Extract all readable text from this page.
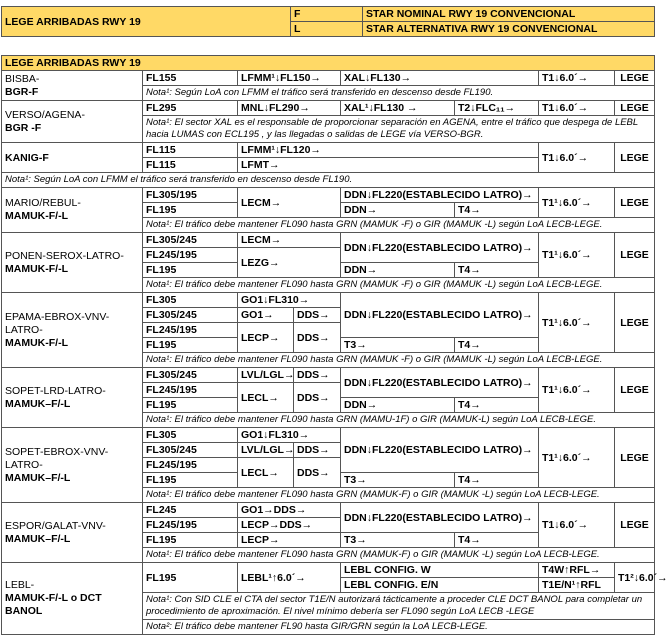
LEGE ARRIBADAS RWY 19	F	STAR NOMINAL RWY 19 CONVENCIONAL
	L	STAR ALTERNATIVA RWY 19 CONVENCIONAL
LEGE ARRIBADAS RWY 19								
BISBA-
BGR-F	FL155	LFMM¹↓FL150→		XAL↓FL130→		T1↓6.0´→	LEGE	
	Nota¹: Según LoA con LFMM el tráfico será transferido en descenso desde FL190.							
VERSO/AGENA-
BGR -F	FL295	MNL↓FL290→		XAL¹↓FL130 →	T2↓FLC₁₁→	T1↓6.0´→	LEGE	
	Nota¹: El sector XAL es el responsable de proporcionar separación en AGENA, entre el tráfico que despega de LEBL hacia LUMAS con ECL195 , y las llegadas o salidas de LEGE vía VERSO-BGR.							
KANIG-F	FL115	LFMM¹↓FL120→				T1↓6.0´→	LEGE	
	FL115	LFMT→						
Nota¹: Según LoA con LFMM el tráfico será transferido en descenso desde FL190.								
MARIO/REBUL-
MAMUK-F/-L	FL305/195	LECM→		DDN↓FL220(ESTABLECIDO LATRO)→		T1¹↓6.0´→	LEGE	
	FL195			DDN→	T4→			
	Nota¹: El tráfico debe mantener FL090 hasta GRN (MAMUK -F) o GIR (MAMUK -L) según LoA LECB-LEGE.							
PONEN-SEROX-LATRO-
MAMUK-F/-L	FL305/245	LECM→		DDN↓FL220(ESTABLECIDO LATRO)→		T1¹↓6.0´→	LEGE	
	FL245/195	LEZG→						
	FL195			DDN→	T4→			
	Nota¹: El tráfico debe mantener FL090 hasta GRN (MAMUK -F) o GIR (MAMUK -L) según LoA LECB-LEGE.							
EPAMA-EBROX-VNV-LATRO-
MAMUK-F/-L	FL305	GO1↓FL310→		DDN↓FL220(ESTABLECIDO LATRO)→		T1¹↓6.0´→	LEGE	
	FL305/245	GO1→	DDS→					
	FL245/195	LECP→	DDS→					
	FL195			T3→	T4→			
	Nota¹: El tráfico debe mantener FL090 hasta GRN (MAMUK -F) o GIR (MAMUK -L) según LoA LECB-LEGE.							
SOPET-LRD-LATRO-
MAMUK–F/-L	FL305/245	LVL/LGL→	DDS→	DDN↓FL220(ESTABLECIDO LATRO)→		T1¹↓6.0´→	LEGE	
	FL245/195	LECL→	DDS→					
	FL195			DDN→	T4→			
	Nota¹: El tráfico debe mantener FL090 hasta GRN (MAMU-1F) o GIR (MAMUK-L) según LoA LECB-LEGE.							
SOPET-EBROX-VNV-LATRO-
MAMUK–F/-L	FL305	GO1↓FL310→		DDN↓FL220(ESTABLECIDO LATRO)→		T1¹↓6.0´→	LEGE	
	FL305/245	LVL/LGL→	DDS→					
	FL245/195	LECL→	DDS→					
	FL195			T3→	T4→			
	Nota¹: El tráfico debe mantener FL090 hasta GRN (MAMUK-F) o GIR (MAMUK -L) según LoA LECB-LEGE.							
ESPOR/GALAT-VNV-
MAMUK–F/-L	FL245	GO1→DDS→		DDN↓FL220(ESTABLECIDO LATRO)→		T1↓6.0´→	LEGE	
	FL245/195	LECP→DDS→						
	FL195	LECP→		T3→	T4→			
	Nota¹: El tráfico debe mantener FL090 hasta GRN (MAMUK-F) o GIR (MAMUK -L) según LoA LECB-LEGE.							
LEBL-
MAMUK-F/-L o DCT BANOL	FL195	LEBL¹↑6.0´→		LEBL CONFIG. W		T4W↑RFL→	T1²↓6.0´→	
				LEBL CONFIG. E/N		T1E/N¹↑RFL		
	Nota¹: Con SID CLE el CTA del sector T1E/N autorizará tácticamente a proceder CLE DCT BANOL para completar un procedimiento de aproximación. El nivel mínimo debería ser FL090 según LoA LECB -LEGE							
	Nota²: El tráfico debe mantener FL90 hasta GIR/GRN según la LoA LECB-LEGE.							
